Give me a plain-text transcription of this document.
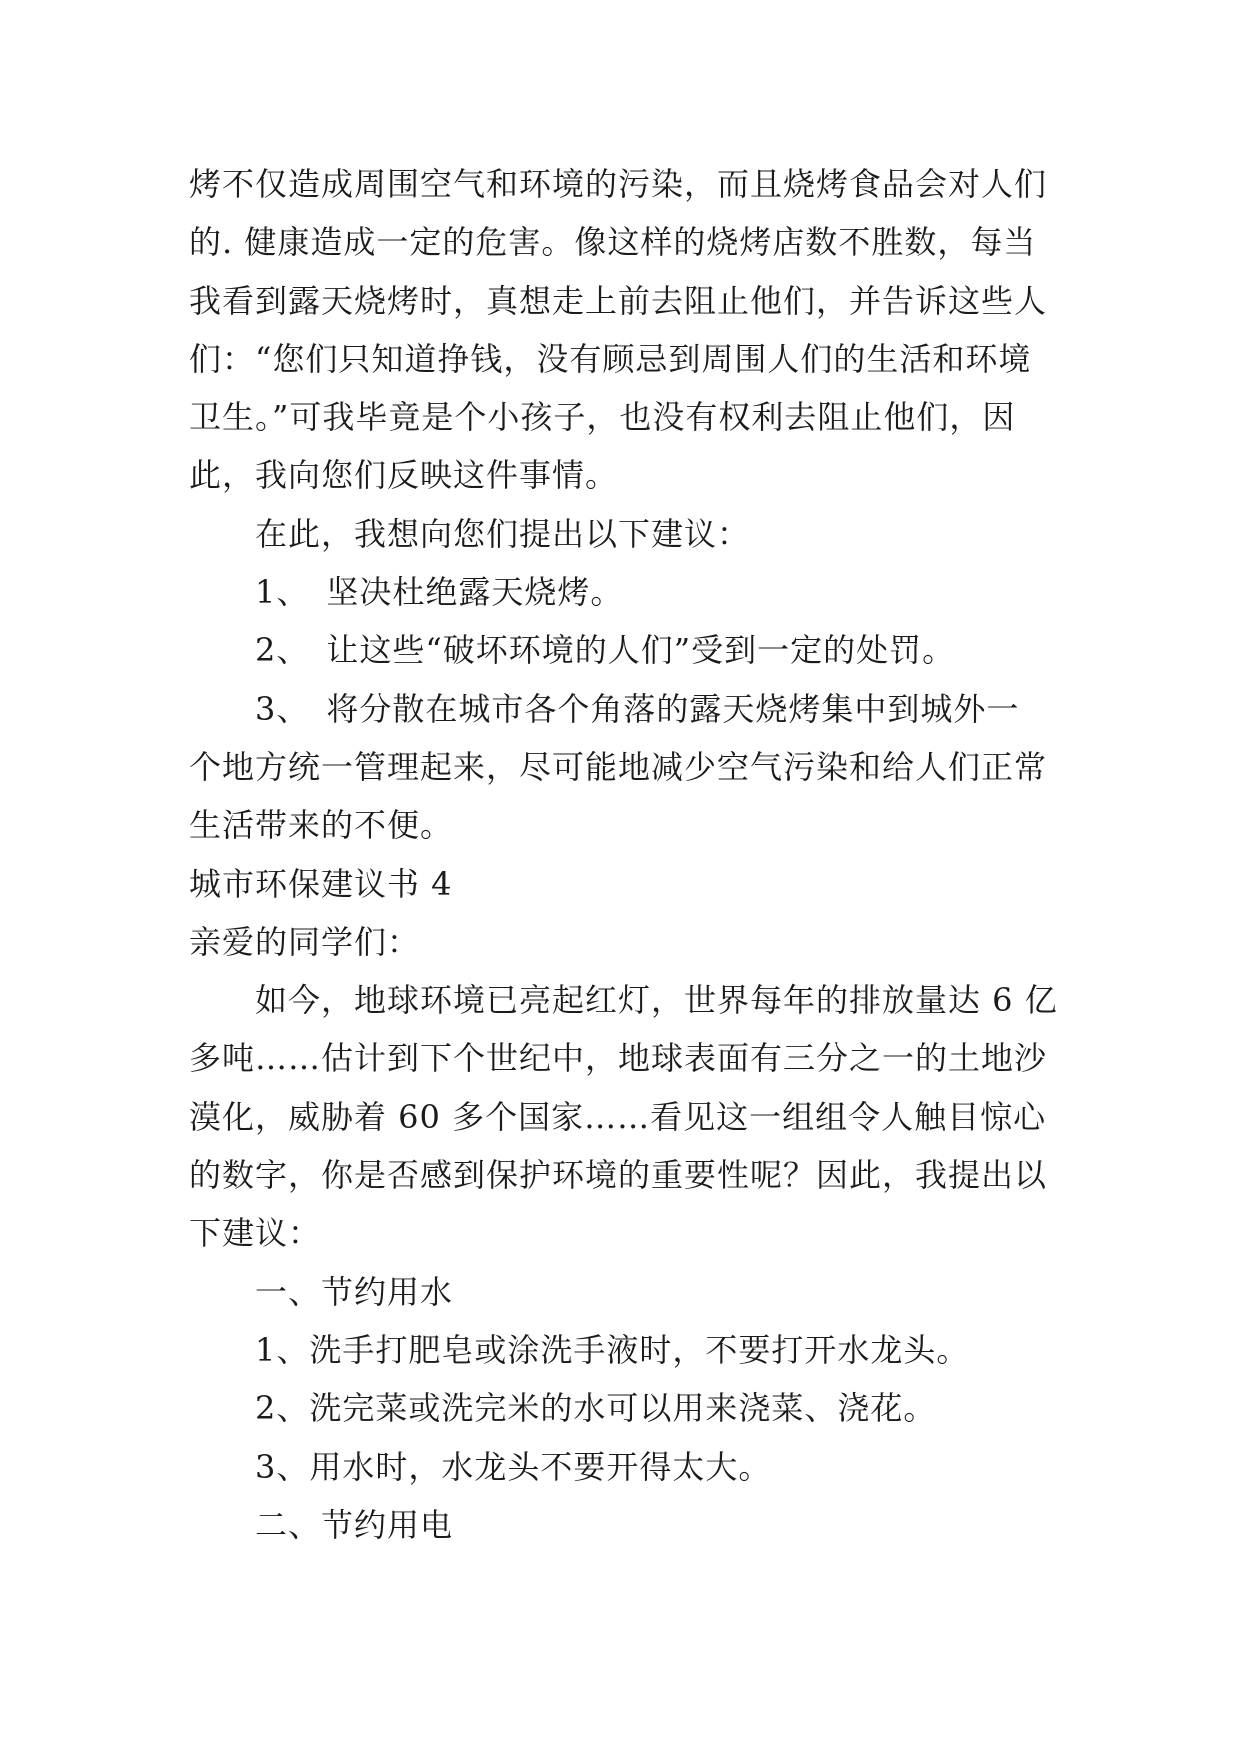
烤不仅造成周围空气和环境的污染，而且烧烤食品会对人们
的. 健康造成一定的危害。像这样的烧烤店数不胜数，每当
我看到露天烧烤时，真想走上前去阻止他们，并告诉这些人
们：“您们只知道挣钱，没有顾忌到周围人们的生活和环境
卫生。”可我毕竟是个小孩子，也没有权利去阻止他们，因
此，我向您们反映这件事情。
在此，我想向您们提出以下建议：
1、　坚决杜绝露天烧烤。
2、　让这些“破坏环境的人们”受到一定的处罚。
3、　将分散在城市各个角落的露天烧烤集中到城外一
个地方统一管理起来，尽可能地减少空气污染和给人们正常
生活带来的不便。
城市环保建议书 4
亲爱的同学们：
如今，地球环境已亮起红灯，世界每年的排放量达 6 亿
多吨……估计到下个世纪中，地球表面有三分之一的土地沙
漠化，威胁着 60 多个国家……看见这一组组令人触目惊心
的数字，你是否感到保护环境的重要性呢？因此，我提出以
下建议：
一、节约用水
1、洗手打肥皂或涂洗手液时，不要打开水龙头。
2、洗完菜或洗完米的水可以用来浇菜、浇花。
3、用水时，水龙头不要开得太大。
二、节约用电
